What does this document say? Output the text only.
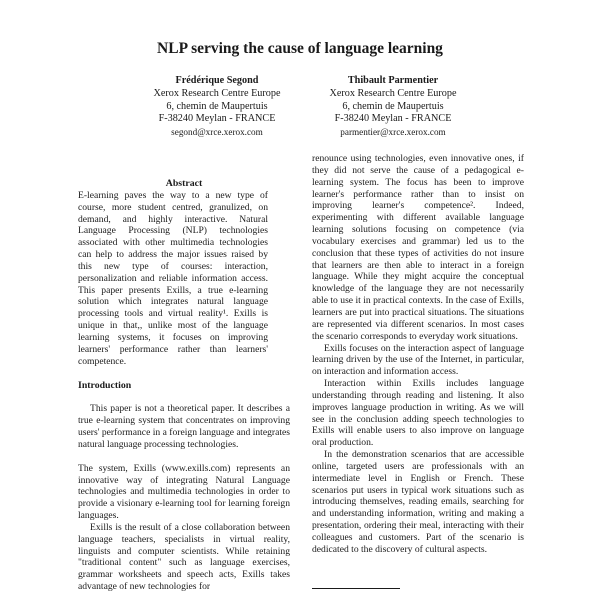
NLP serving the cause of language learning
Frédérique Segond
Xerox Research Centre Europe
6, chemin de Maupertuis
F-38240 Meylan - FRANCE
segond@xrce.xerox.com
Thibault Parmentier
Xerox Research Centre Europe
6, chemin de Maupertuis
F-38240 Meylan - FRANCE
parmentier@xrce.xerox.com

Abstract

E-learning paves the way to a new type of course, more student centred, granulized, on demand, and highly interactive. Natural Language Processing (NLP) technologies associated with other multimedia technologies can help to address the major issues raised by this new type of courses: interaction, personalization and reliable information access. This paper presents Exills, a true e-learning solution which integrates natural language processing tools and virtual reality¹. Exills is unique in that,, unlike most of the language learning systems, it focuses on improving learners' performance rather than learners' competence.

Introduction

This paper is not a theoretical paper. It describes a true e-learning system that concentrates on improving users' performance in a foreign language and integrates natural language processing technologies.

The system, Exills (www.exills.com) represents an innovative way of integrating Natural Language technologies and multimedia technologies in order to provide a visionary e-learning tool for learning foreign languages.

Exills is the result of a close collaboration between language teachers, specialists in virtual reality, linguists and computer scientists. While retaining "traditional content" such as language exercises, grammar worksheets and speech acts, Exills takes advantage of new technologies for

renounce using technologies, even innovative ones, if they did not serve the cause of a pedagogical e-learning system. The focus has been to improve learner's performance rather than to insist on improving learner's competence². Indeed, experimenting with different available language learning solutions focusing on competence (via vocabulary exercises and grammar) led us to the conclusion that these types of activities do not insure that learners are then able to interact in a foreign language. While they might acquire the conceptual knowledge of the language they are not necessarily able to use it in practical contexts. In the case of Exills, learners are put into practical situations. The situations are represented via different scenarios. In most cases the scenario corresponds to everyday work situations.

Exills focuses on the interaction aspect of language learning driven by the use of the Internet, in particular, on interaction and information access.

Interaction within Exills includes language understanding through reading and listening. It also improves language production in writing. As we will see in the conclusion adding speech technologies to Exills will enable users to also improve on language oral production.

In the demonstration scenarios that are accessible online, targeted users are professionals with an intermediate level in English or French. These scenarios put users in typical work situations such as introducing themselves, reading emails, searching for and understanding information, writing and making a presentation, ordering their meal, interacting with their colleagues and customers. Part of the scenario is dedicated to the discovery of cultural aspects.
